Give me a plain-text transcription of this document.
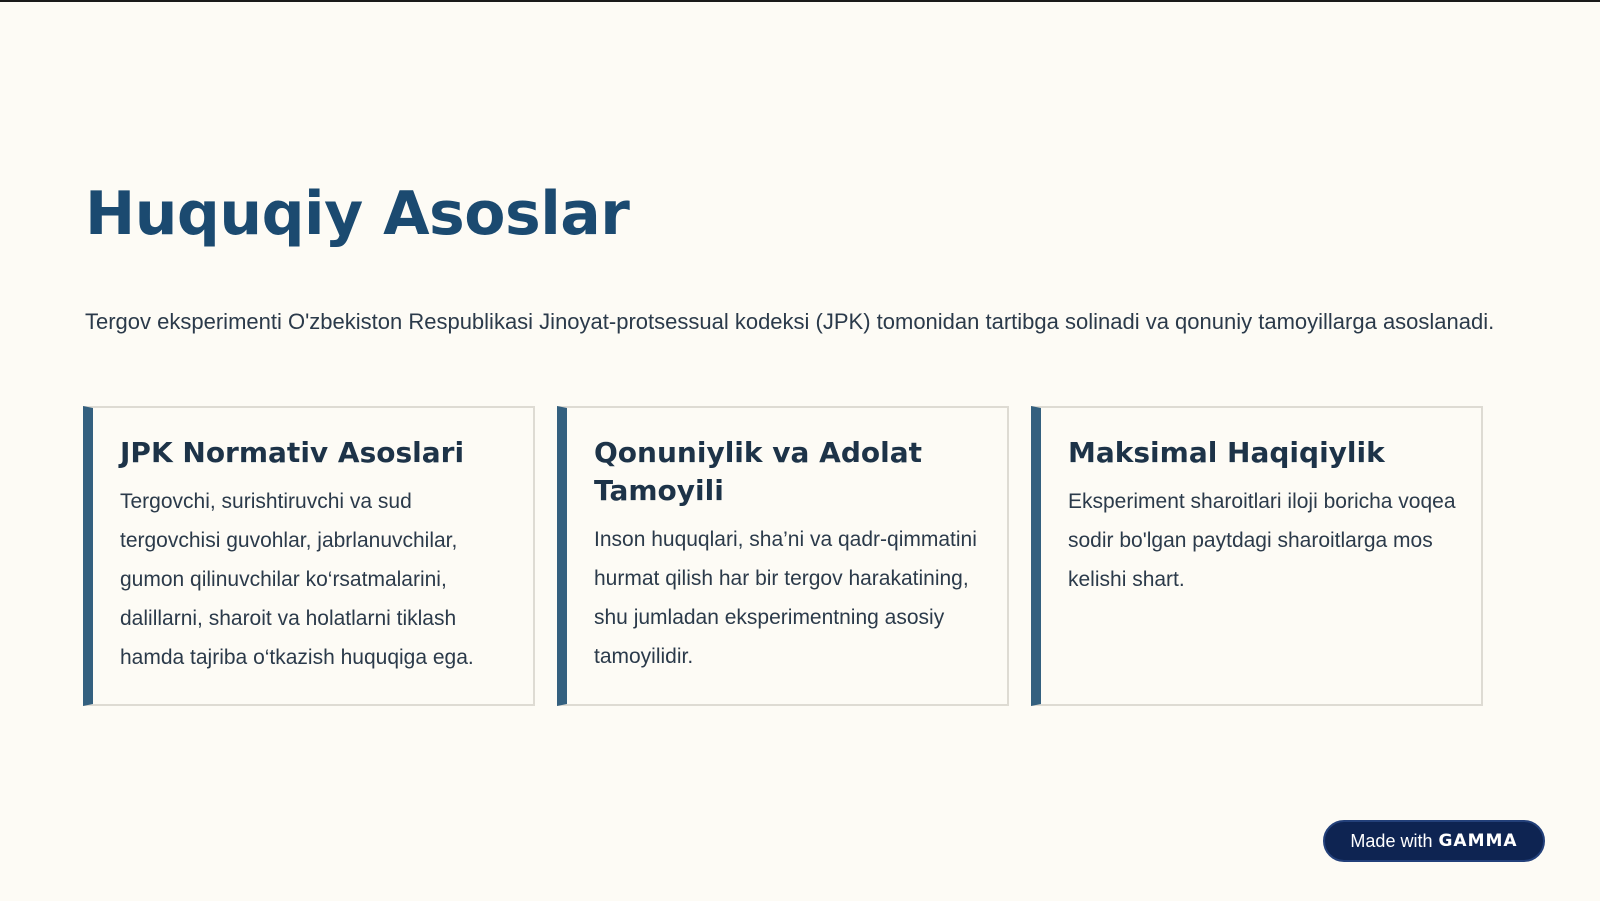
Huquqiy Asoslar

Tergov eksperimenti O'zbekiston Respublikasi Jinoyat-protsessual kodeksi (JPK) tomonidan tartibga solinadi va qonuniy tamoyillarga asoslanadi.

JPK Normativ Asoslari

Tergovchi, surishtiruvchi va sud tergovchisi guvohlar, jabrlanuvchilar, gumon qilinuvchilar ko‘rsatmalarini, dalillarni, sharoit va holatlarni tiklash hamda tajriba o‘tkazish huquqiga ega.

Qonuniylik va Adolat Tamoyili

Inson huquqlari, sha’ni va qadr-qimmatini hurmat qilish har bir tergov harakatining, shu jumladan eksperimentning asosiy tamoyilidir.

Maksimal Haqiqiylik

Eksperiment sharoitlari iloji boricha voqea sodir bo'lgan paytdagi sharoitlarga mos kelishi shart.

Made with GAMMA
